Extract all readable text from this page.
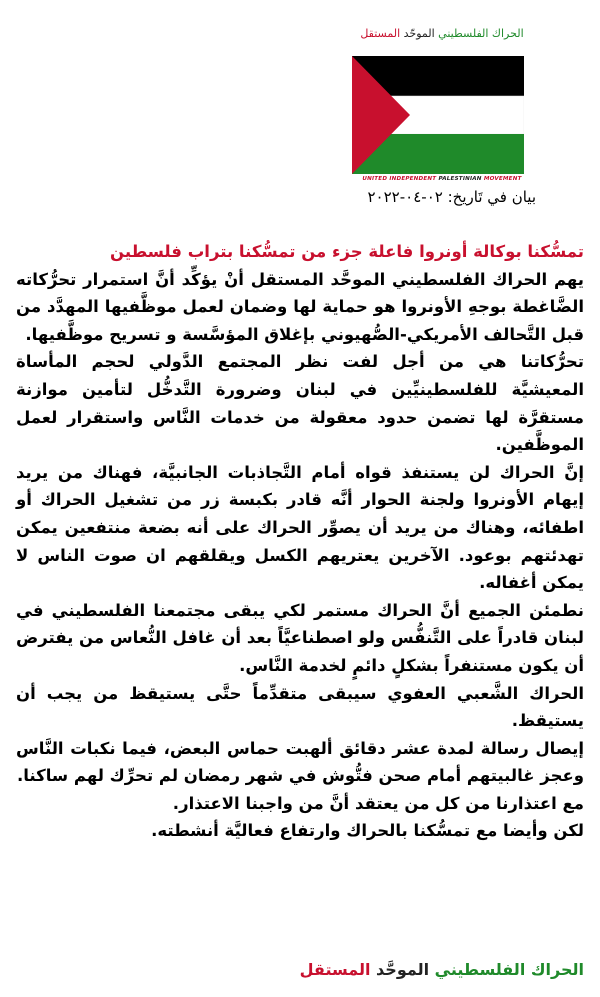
الحراك الفلسطيني الموحّد المستقل
UNITED INDEPENDENT PALESTINIAN MOVEMENT
بيان في تَاريخ: ٠٢-٠٤-٢٠٢٢

تمسُّكنا بوكالة أونروا فاعلة جزء من تمسُّكنا بتراب فلسطين

يهم الحراك الفلسطيني الموحَّد المستقل أنْ يؤكِّد أنَّ استمرار تحرُّكاته الضَّاغطة بوجهِ الأونروا هو حماية لها وضمان لعمل موظَّفيها المهدَّد من قبل التَّحالف الأمريكي-الصُّهيوني بإغلاق المؤسَّسة و تسريح موظَّفيها.

تحرُّكاتنا هي من أجل لفت نظر المجتمع الدَّولي لحجم المأساة المعيشيَّة للفلسطينيِّين في لبنان وضرورة التَّدخُّل لتأمين موازنة مستقرَّة لها تضمن حدود معقولة من خدمات النَّاس واستقرار لعمل الموظَّفين.

إنَّ الحراك لن يستنفذ قواه أمام التَّجاذبات الجانبيَّة، فهناك من يريد إيهام الأونروا ولجنة الحوار أنَّه قادر بكبسة زر من تشغيل الحراك أو اطفائه، وهناك من يريد أن يصوِّر الحراك على أنه بضعة منتفعين يمكن تهدئتهم بوعود. الآخرين يعتريهم الكسل ويقلقهم ان صوت الناس لا يمكن أغفاله.

نطمئن الجميع أنَّ الحراك مستمر لكي يبقى مجتمعنا الفلسطيني في لبنان قادراً على التَّنفُّس ولو اصطناعيَّاً بعد أن غافل النُّعاس من يفترض أن يكون مستنفراً بشكلٍ دائمٍ لخدمة النَّاس.

الحراك الشَّعبي العفوي سيبقى متقدِّماً حتَّى يستيقظ من يجب أن يستيقظ.

إيصال رسالة لمدة عشر دقائق ألهبت حماس البعض، فيما نكبات النَّاس وعجز غالبيتهم أمام صحن فتُّوش في شهر رمضان لم تحرِّك لهم ساكنا.

مع اعتذارنا من كل من يعتقد أنَّ من واجبنا الاعتذار.

لكن وأيضا مع تمسُّكنا بالحراك وارتفاع فعاليَّة أنشطته.

الحراك الفلسطيني الموحَّد المستقل
